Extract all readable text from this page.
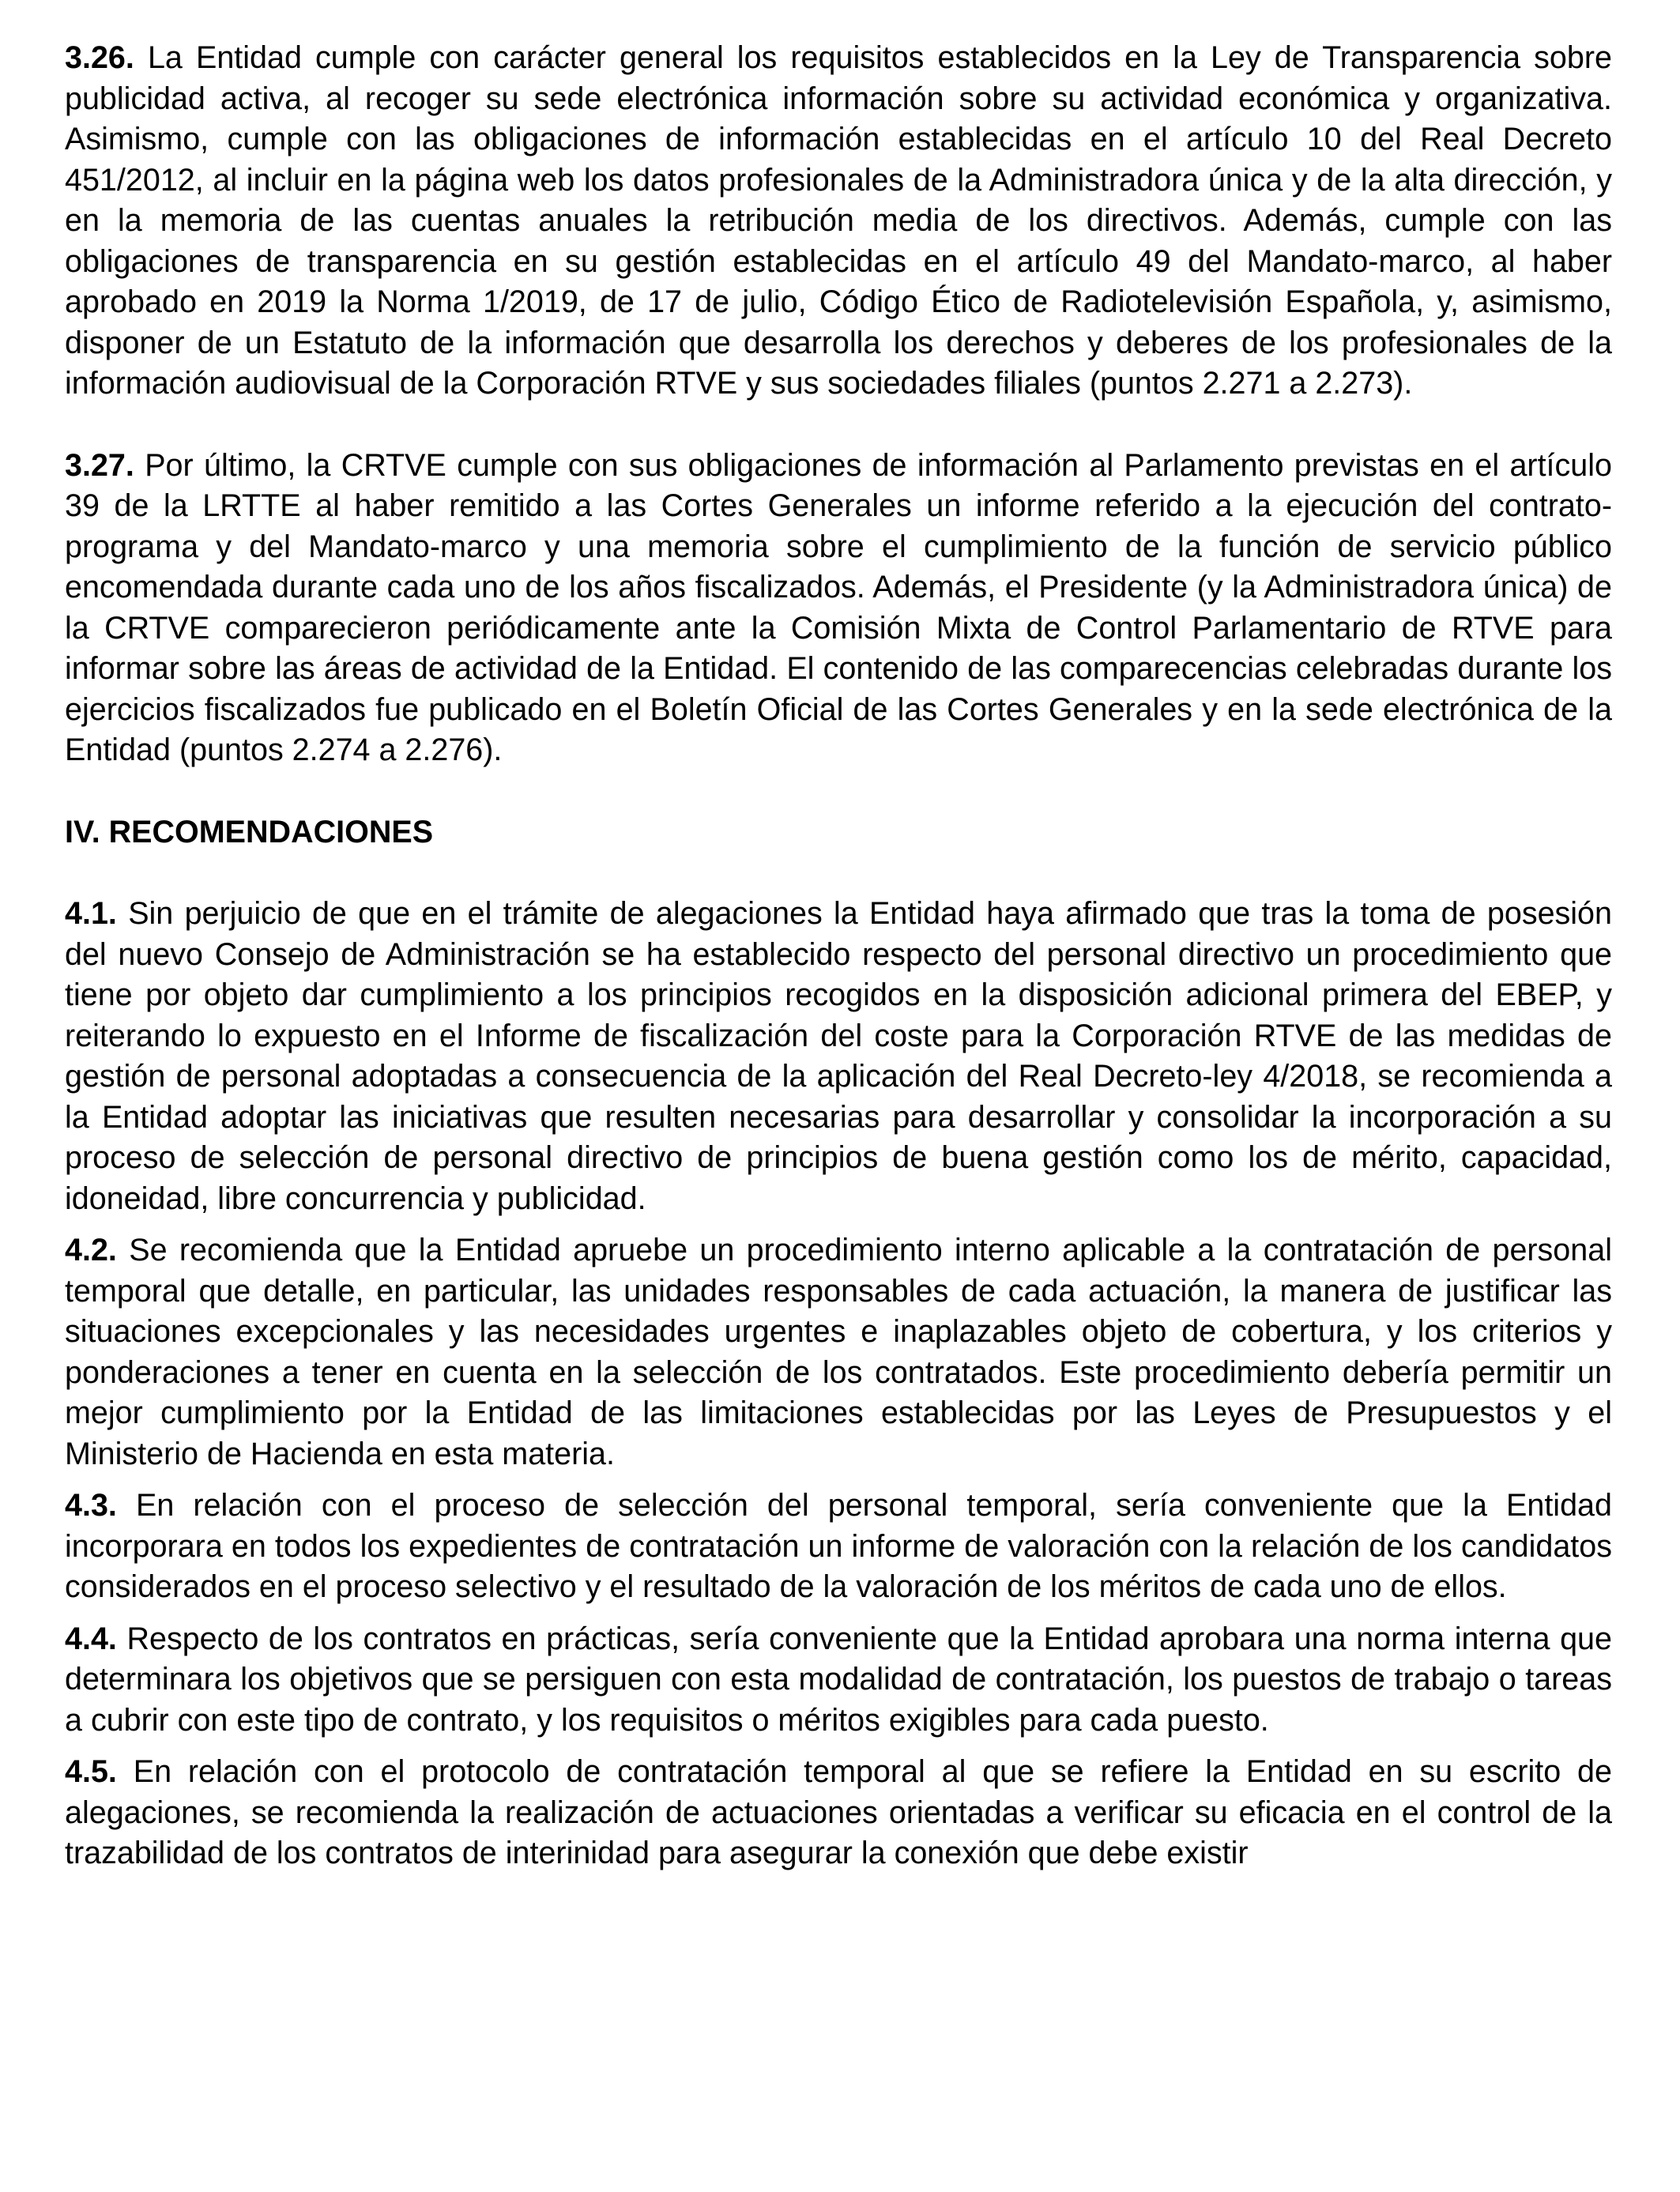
3.26. La Entidad cumple con carácter general los requisitos establecidos en la Ley de Transparencia sobre publicidad activa, al recoger su sede electrónica información sobre su actividad económica y organizativa. Asimismo, cumple con las obligaciones de información establecidas en el artículo 10 del Real Decreto 451/2012, al incluir en la página web los datos profesionales de la Administradora única y de la alta dirección, y en la memoria de las cuentas anuales la retribución media de los directivos. Además, cumple con las obligaciones de transparencia en su gestión establecidas en el artículo 49 del Mandato-marco, al haber aprobado en 2019 la Norma 1/2019, de 17 de julio, Código Ético de Radiotelevisión Española, y, asimismo, disponer de un Estatuto de la información que desarrolla los derechos y deberes de los profesionales de la información audiovisual de la Corporación RTVE y sus sociedades filiales (puntos 2.271 a 2.273).

3.27. Por último, la CRTVE cumple con sus obligaciones de información al Parlamento previstas en el artículo 39 de la LRTTE al haber remitido a las Cortes Generales un informe referido a la ejecución del contrato-programa y del Mandato-marco y una memoria sobre el cumplimiento de la función de servicio público encomendada durante cada uno de los años fiscalizados. Además, el Presidente (y la Administradora única) de la CRTVE comparecieron periódicamente ante la Comisión Mixta de Control Parlamentario de RTVE para informar sobre las áreas de actividad de la Entidad. El contenido de las comparecencias celebradas durante los ejercicios fiscalizados fue publicado en el Boletín Oficial de las Cortes Generales y en la sede electrónica de la Entidad (puntos 2.274 a 2.276).

IV. RECOMENDACIONES

4.1. Sin perjuicio de que en el trámite de alegaciones la Entidad haya afirmado que tras la toma de posesión del nuevo Consejo de Administración se ha establecido respecto del personal directivo un procedimiento que tiene por objeto dar cumplimiento a los principios recogidos en la disposición adicional primera del EBEP, y reiterando lo expuesto en el Informe de fiscalización del coste para la Corporación RTVE de las medidas de gestión de personal adoptadas a consecuencia de la aplicación del Real Decreto-ley 4/2018, se recomienda a la Entidad adoptar las iniciativas que resulten necesarias para desarrollar y consolidar la incorporación a su proceso de selección de personal directivo de principios de buena gestión como los de mérito, capacidad, idoneidad, libre concurrencia y publicidad.

4.2. Se recomienda que la Entidad apruebe un procedimiento interno aplicable a la contratación de personal temporal que detalle, en particular, las unidades responsables de cada actuación, la manera de justificar las situaciones excepcionales y las necesidades urgentes e inaplazables objeto de cobertura, y los criterios y ponderaciones a tener en cuenta en la selección de los contratados. Este procedimiento debería permitir un mejor cumplimiento por la Entidad de las limitaciones establecidas por las Leyes de Presupuestos y el Ministerio de Hacienda en esta materia.

4.3. En relación con el proceso de selección del personal temporal, sería conveniente que la Entidad incorporara en todos los expedientes de contratación un informe de valoración con la relación de los candidatos considerados en el proceso selectivo y el resultado de la valoración de los méritos de cada uno de ellos.

4.4. Respecto de los contratos en prácticas, sería conveniente que la Entidad aprobara una norma interna que determinara los objetivos que se persiguen con esta modalidad de contratación, los puestos de trabajo o tareas a cubrir con este tipo de contrato, y los requisitos o méritos exigibles para cada puesto.

4.5. En relación con el protocolo de contratación temporal al que se refiere la Entidad en su escrito de alegaciones, se recomienda la realización de actuaciones orientadas a verificar su eficacia en el control de la trazabilidad de los contratos de interinidad para asegurar la conexión que debe existir
